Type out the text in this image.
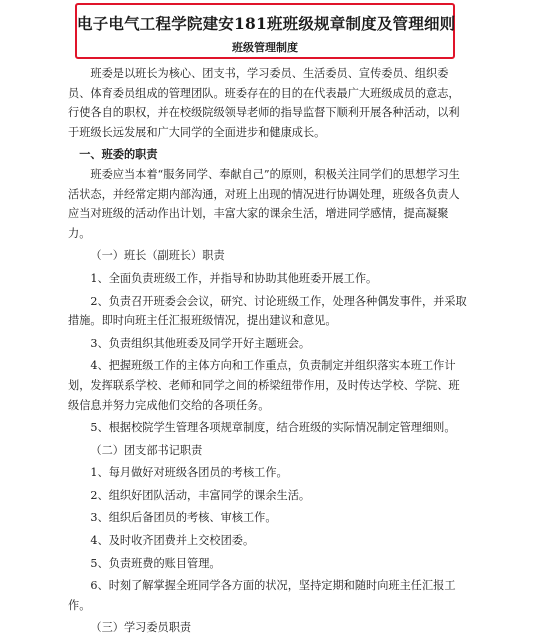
电子电气工程学院建安181班班级规章制度及管理细则
班级管理制度

班委是以班长为核心、团支书，学习委员、生活委员、宣传委员、组织委员、体育委员组成的管理团队。班委存在的目的在代表最广大班级成员的意志，行使各自的职权，并在校级院级领导老师的指导监督下顺利开展各种活动，以利于班级长远发展和广大同学的全面进步和健康成长。

一、班委的职责

班委应当本着“服务同学、奉献自己”的原则，积极关注同学们的思想学习生活状态，并经常定期内部沟通，对班上出现的情况进行协调处理，班级各负责人应当对班级的活动作出计划，丰富大家的课余生活，增进同学感情，提高凝聚力。

（一）班长（副班长）职责

1、全面负责班级工作，并指导和协助其他班委开展工作。

2、负责召开班委会会议，研究、讨论班级工作，处理各种偶发事件，并采取措施。即时向班主任汇报班级情况，提出建议和意见。

3、负责组织其他班委及同学开好主题班会。

4、把握班级工作的主体方向和工作重点，负责制定并组织落实本班工作计划，发挥联系学校、老师和同学之间的桥梁纽带作用，及时传达学校、学院、班级信息并努力完成他们交给的各项任务。

5、根据校院学生管理各项规章制度，结合班级的实际情况制定管理细则。

（二）团支部书记职责

1、每月做好对班级各团员的考核工作。

2、组织好团队活动，丰富同学的课余生活。

3、组织后备团员的考核、审核工作。

4、及时收齐团费并上交校团委。

5、负责班费的账目管理。

6、时刻了解掌握全班同学各方面的状况，坚持定期和随时向班主任汇报工作。

（三）学习委员职责
